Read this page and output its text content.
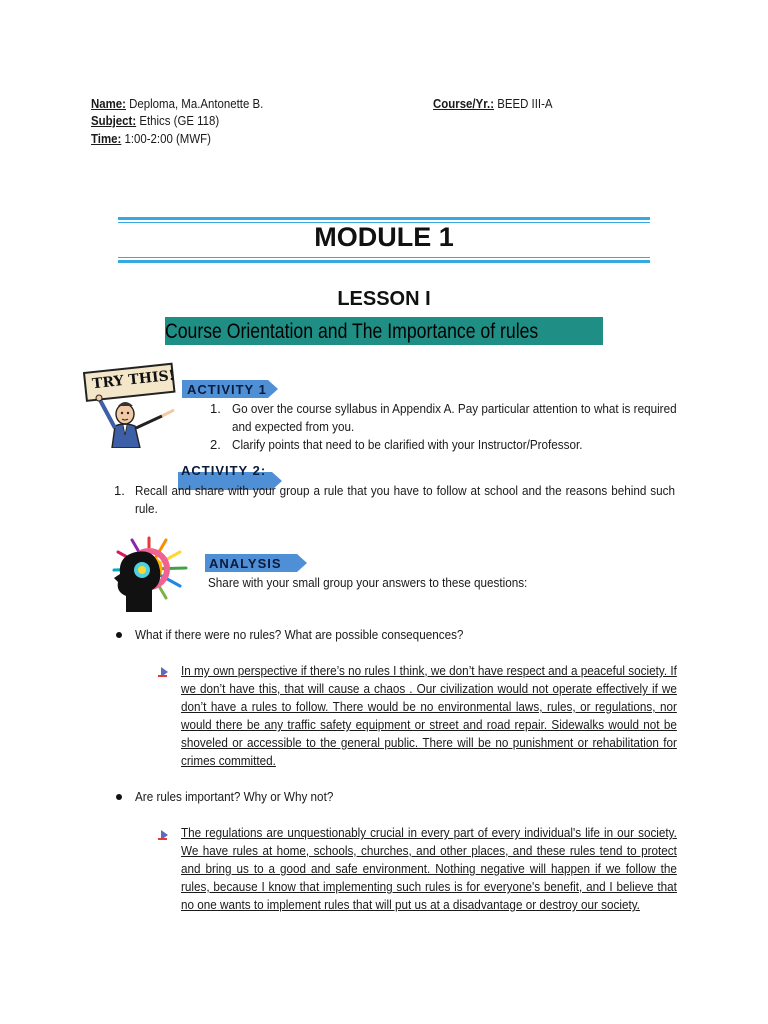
Name: Deploma, Ma.Antonette B.
Subject: Ethics (GE 118)
Time: 1:00-2:00 (MWF)
Course/Yr.: BEED III-A
MODULE 1
LESSON I
Course Orientation and The Importance of rules
TRY THIS! ACTIVITY 1
1. Go over the course syllabus in Appendix A. Pay particular attention to what is required and expected from you.
2. Clarify points that need to be clarified with your Instructor/Professor.
ACTIVITY 2:
1. Recall and share with your group a rule that you have to follow at school and the reasons behind such rule.
ANALYSIS
Share with your small group your answers to these questions:
What if there were no rules? What are possible consequences?
In my own perspective if there’s no rules I think, we don’t have respect and a peaceful society. If we don’t have this, that will cause a chaos . Our civilization would not operate effectively if we don’t have a rules to follow. There would be no environmental laws, rules, or regulations, nor would there be any traffic safety equipment or street and road repair. Sidewalks would not be shoveled or accessible to the general public. There will be no punishment or rehabilitation for crimes committed.
Are rules important? Why or Why not?
The regulations are unquestionably crucial in every part of every individual's life in our society. We have rules at home, schools, churches, and other places, and these rules tend to protect and bring us to a good and safe environment. Nothing negative will happen if we follow the rules, because I know that implementing such rules is for everyone's benefit, and I believe that no one wants to implement rules that will put us at a disadvantage or destroy our society.
